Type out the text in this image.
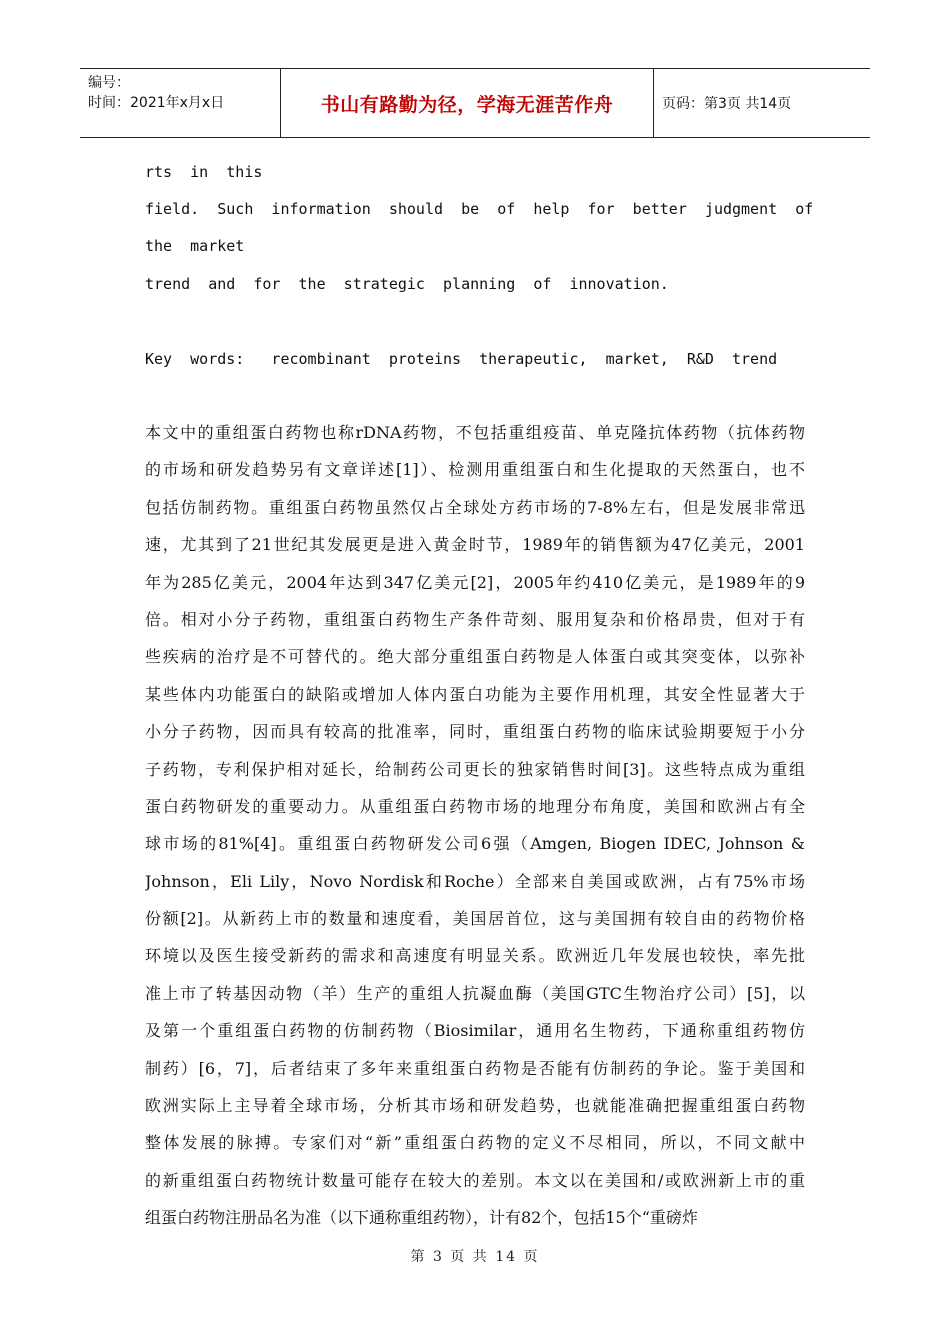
编号：
时间：2021年x月x日	书山有路勤为径，学海无涯苦作舟	页码：第3页 共14页
rts  in  this
field.  Such  information  should  be  of  help  for  better  judgment  of
the  market
trend  and  for  the  strategic  planning  of  innovation.
Key  words:   recombinant  proteins  therapeutic,  market,  R&D  trend
本文中的重组蛋白药物也称rDNA药物，不包括重组疫苗、单克隆抗体药物（抗体药物
的市场和研发趋势另有文章详述[1]）、检测用重组蛋白和生化提取的天然蛋白，也不
包括仿制药物。重组蛋白药物虽然仅占全球处方药市场的7-8%左右，但是发展非常迅
速，尤其到了21世纪其发展更是进入黄金时节，1989年的销售额为47亿美元，2001
年为285亿美元，2004年达到347亿美元[2]，2005年约410亿美元，是1989年的9
倍。相对小分子药物，重组蛋白药物生产条件苛刻、服用复杂和价格昂贵，但对于有
些疾病的治疗是不可替代的。绝大部分重组蛋白药物是人体蛋白或其突变体，以弥补
某些体内功能蛋白的缺陷或增加人体内蛋白功能为主要作用机理，其安全性显著大于
小分子药物，因而具有较高的批准率，同时，重组蛋白药物的临床试验期要短于小分
子药物，专利保护相对延长，给制药公司更长的独家销售时间[3]。这些特点成为重组
蛋白药物研发的重要动力。从重组蛋白药物市场的地理分布角度，美国和欧洲占有全
球市场的81%[4]。重组蛋白药物研发公司6强（Amgen, Biogen IDEC, Johnson &
Johnson，Eli Lily，Novo Nordisk和Roche）全部来自美国或欧洲，占有75%市场
份额[2]。从新药上市的数量和速度看，美国居首位，这与美国拥有较自由的药物价格
环境以及医生接受新药的需求和高速度有明显关系。欧洲近几年发展也较快，率先批
准上市了转基因动物（羊）生产的重组人抗凝血酶（美国GTC生物治疗公司）[5]，以
及第一个重组蛋白药物的仿制药物（Biosimilar，通用名生物药，下通称重组药物仿
制药）[6，7]，后者结束了多年来重组蛋白药物是否能有仿制药的争论。鉴于美国和
欧洲实际上主导着全球市场，分析其市场和研发趋势，也就能准确把握重组蛋白药物
整体发展的脉搏。专家们对“新”重组蛋白药物的定义不尽相同，所以，不同文献中
的新重组蛋白药物统计数量可能存在较大的差别。本文以在美国和/或欧洲新上市的重
组蛋白药物注册品名为准（以下通称重组药物），计有82个，包括15个“重磅炸
第 3 页 共 14 页
